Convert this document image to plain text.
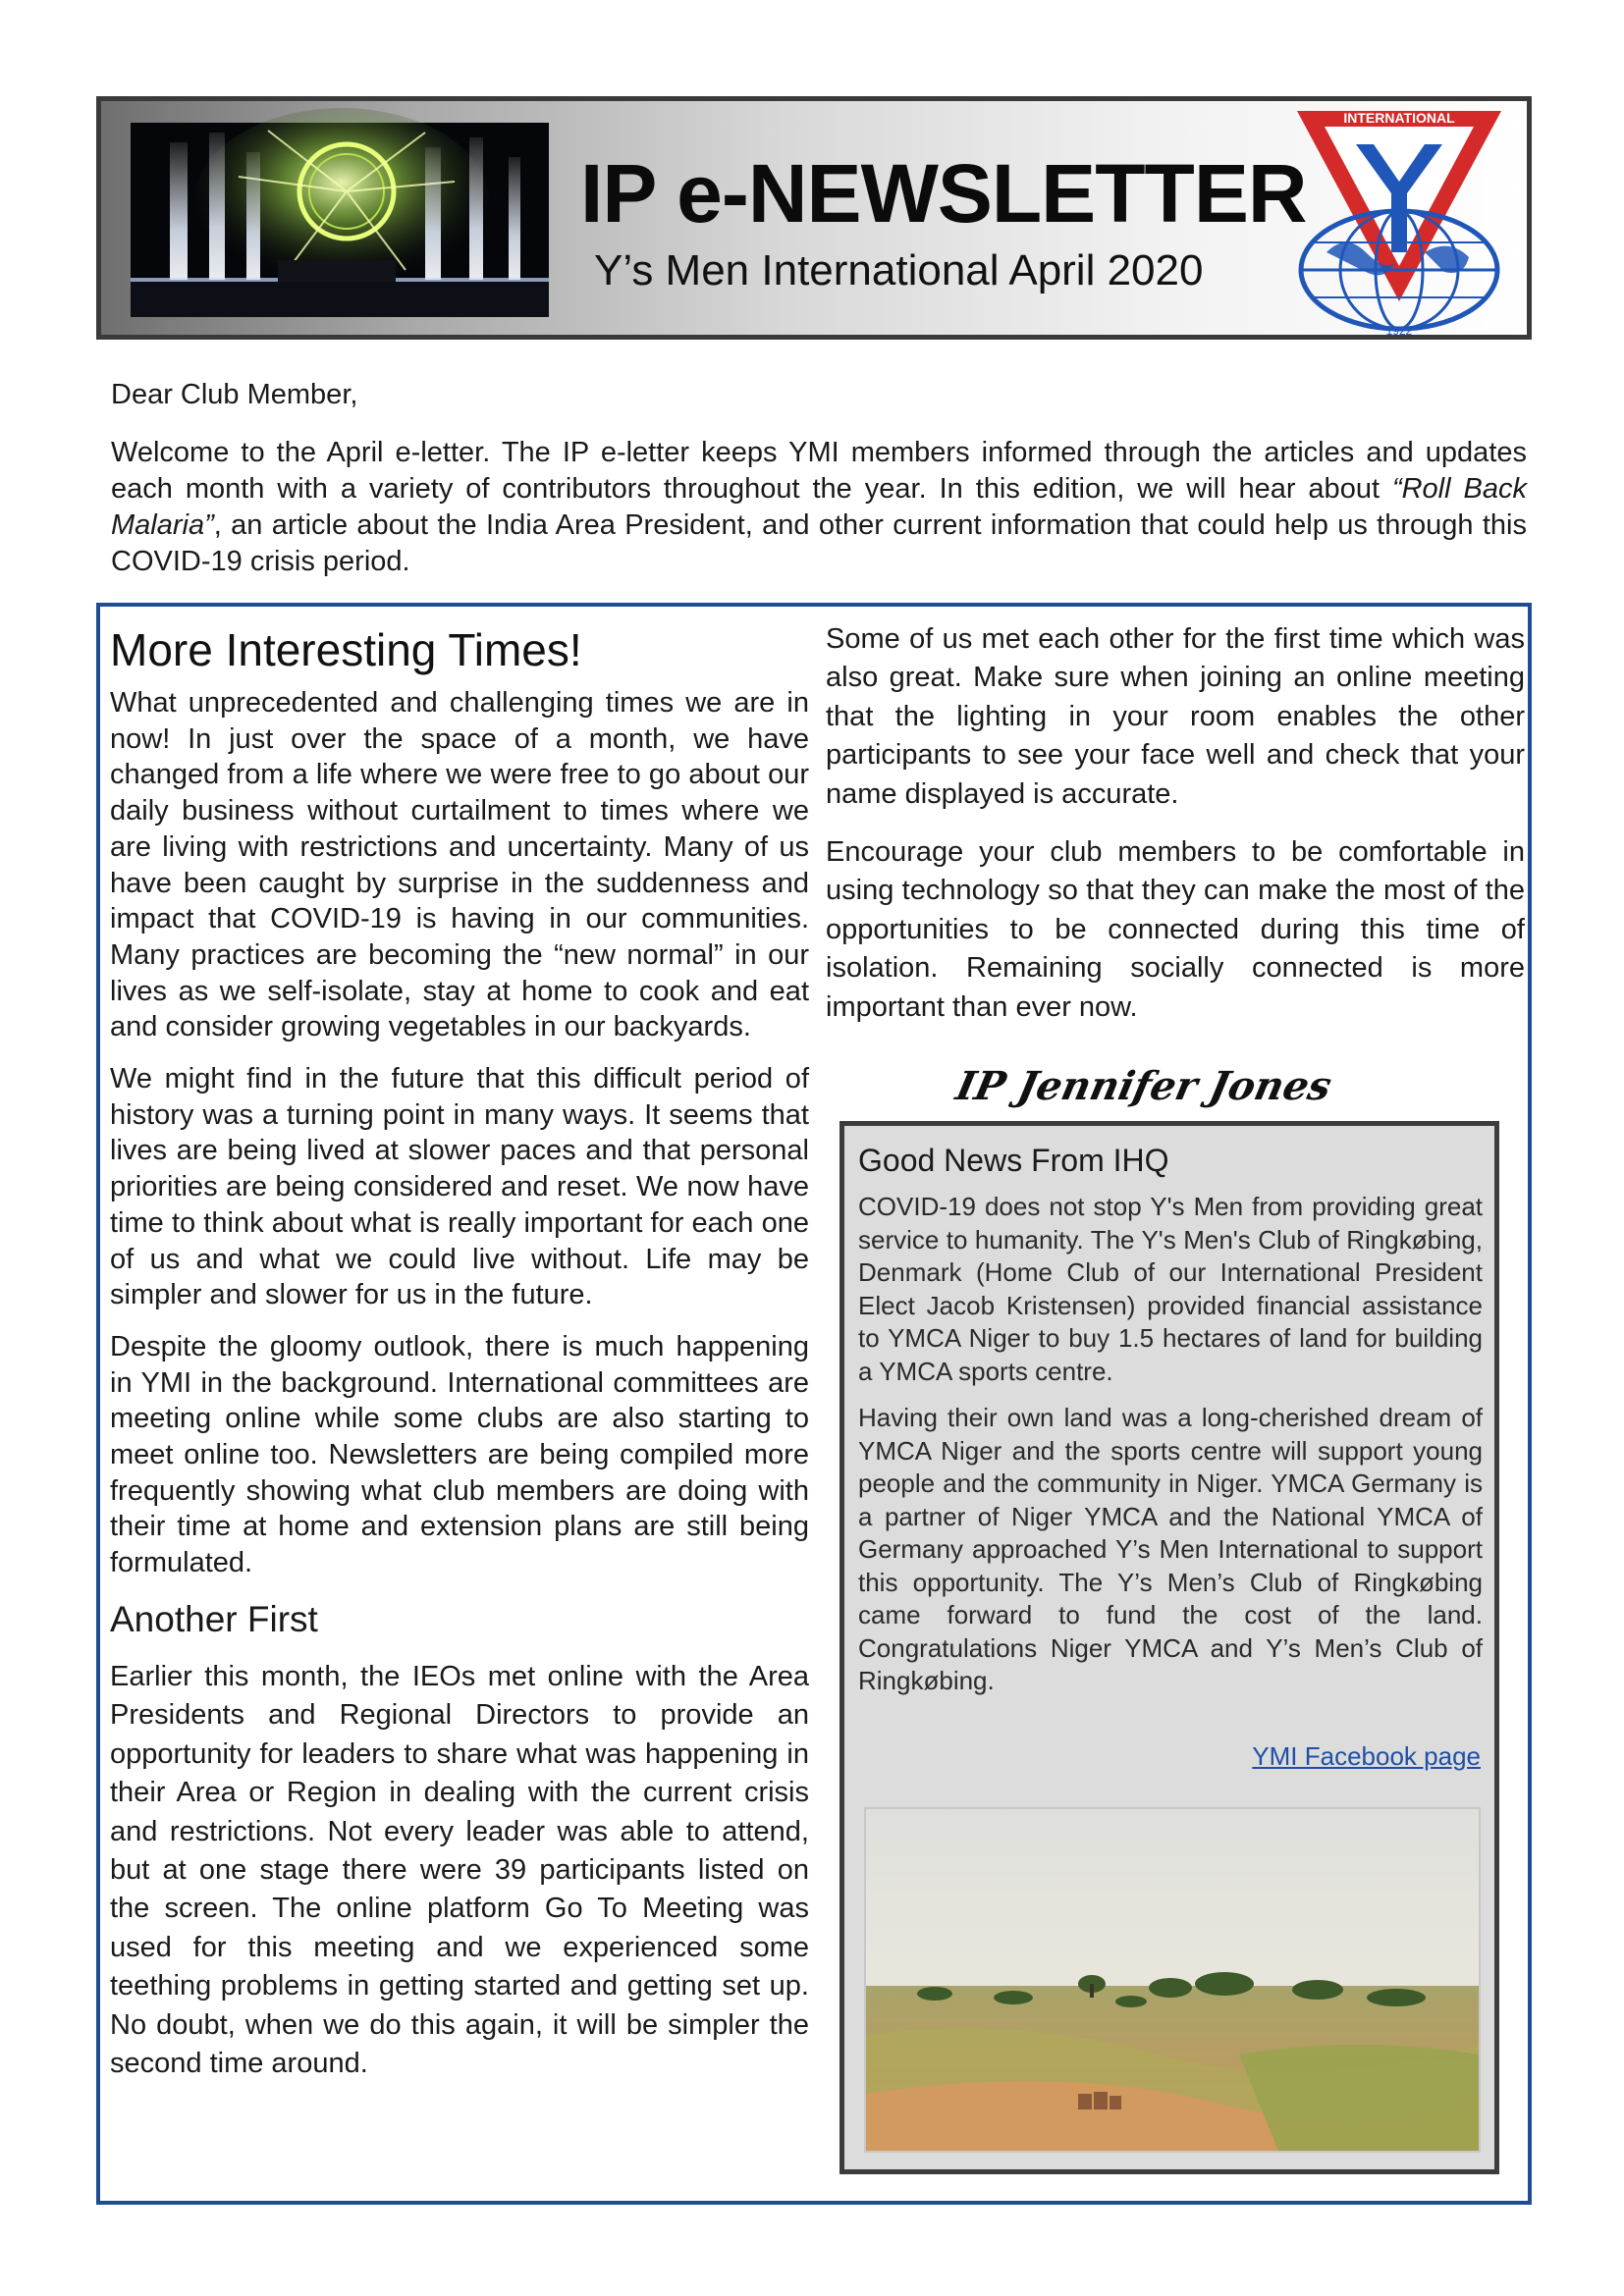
IP e-NEWSLETTER
Y’s Men International April 2020
INTERNATIONAL
1922

Dear Club Member,

Welcome to the April e-letter. The IP e-letter keeps YMI members informed through the articles and updates each month with a variety of contributors throughout the year. In this edition, we will hear about “Roll Back Malaria”, an article about the India Area President, and other current information that could help us through this COVID-19 crisis period.

More Interesting Times!

What unprecedented and challenging times we are in now! In just over the space of a month, we have changed from a life where we were free to go about our daily business without curtailment to times where we are living with restrictions and uncertainty. Many of us have been caught by surprise in the suddenness and impact that COVID-19 is having in our communities. Many practices are becoming the “new normal” in our lives as we self-isolate, stay at home to cook and eat and consider growing vegetables in our backyards.

We might find in the future that this difficult period of history was a turning point in many ways. It seems that lives are being lived at slower paces and that personal priorities are being considered and reset. We now have time to think about what is really important for each one of us and what we could live without. Life may be simpler and slower for us in the future.

Despite the gloomy outlook, there is much happening in YMI in the background. International committees are meeting online while some clubs are also starting to meet online too. Newsletters are being compiled more frequently showing what club members are doing with their time at home and extension plans are still being formulated.

Another First

Earlier this month, the IEOs met online with the Area Presidents and Regional Directors to provide an opportunity for leaders to share what was happening in their Area or Region in dealing with the current crisis and restrictions. Not every leader was able to attend, but at one stage there were 39 participants listed on the screen. The online platform Go To Meeting was used for this meeting and we experienced some teething problems in getting started and getting set up. No doubt, when we do this again, it will be simpler the second time around.

Some of us met each other for the first time which was also great. Make sure when joining an online meeting that the lighting in your room enables the other participants to see your face well and check that your name displayed is accurate.

Encourage your club members to be comfortable in using technology so that they can make the most of the opportunities to be connected during this time of isolation. Remaining socially connected is more important than ever now.

IP Jennifer Jones
Good News From IHQ

COVID-19 does not stop Y's Men from providing great service to humanity. The Y's Men's Club of Ringkøbing, Denmark (Home Club of our International President Elect Jacob Kristensen) provided financial assistance to YMCA Niger to buy 1.5 hectares of land for building a YMCA sports centre.

Having their own land was a long-cherished dream of YMCA Niger and the sports centre will support young people and the community in Niger. YMCA Germany is a partner of Niger YMCA and the National YMCA of Germany approached Y’s Men International to support this opportunity. The Y’s Men’s Club of Ringkøbing came forward to fund the cost of the land. Congratulations Niger YMCA and Y’s Men’s Club of Ringkøbing.

YMI Facebook page
